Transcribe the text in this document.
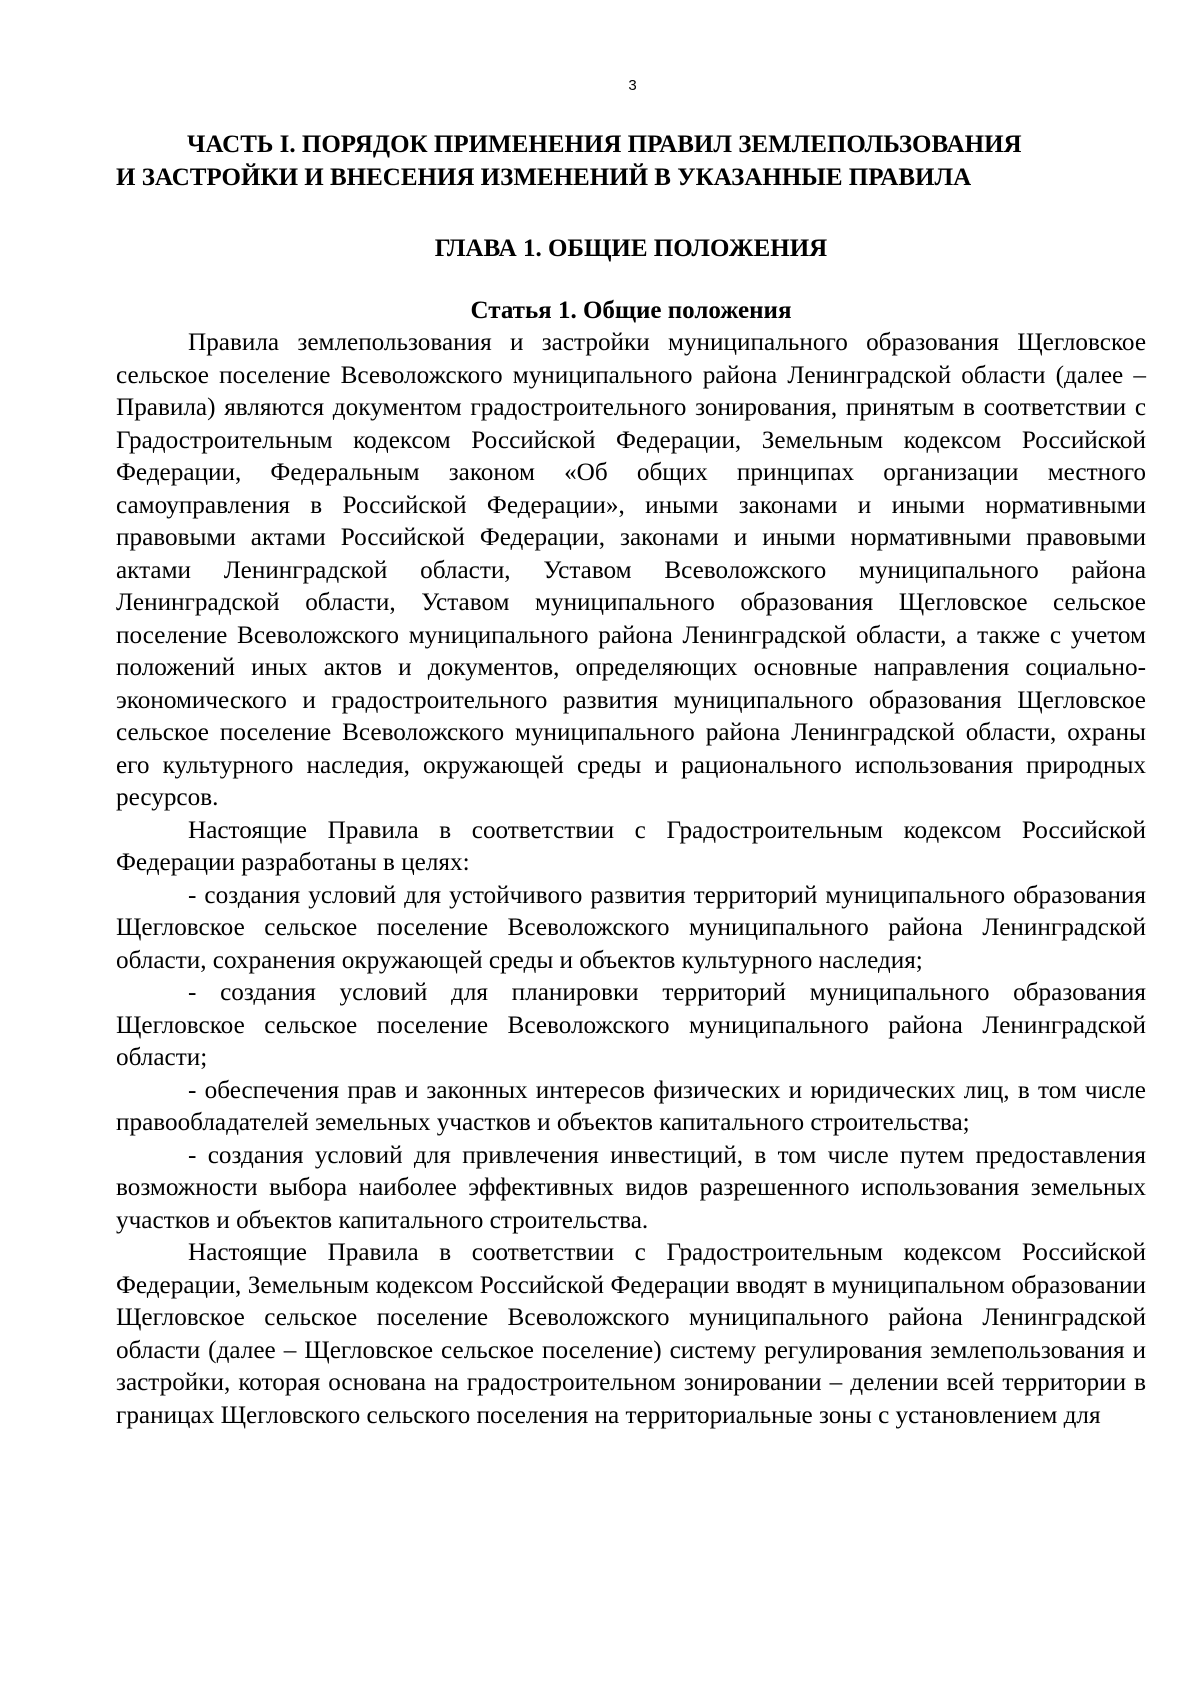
3
ЧАСТЬ I. ПОРЯДОК ПРИМЕНЕНИЯ ПРАВИЛ ЗЕМЛЕПОЛЬЗОВАНИЯ
И ЗАСТРОЙКИ И ВНЕСЕНИЯ ИЗМЕНЕНИЙ В УКАЗАННЫЕ ПРАВИЛА
ГЛАВА 1. ОБЩИЕ ПОЛОЖЕНИЯ
Статья 1. Общие положения

Правила землепользования и застройки муниципального образования Щегловское сельское поселение Всеволожского муниципального района Ленинградской области (далее – Правила) являются документом градостроительного зонирования, принятым в соответствии с Градостроительным кодексом Российской Федерации, Земельным кодексом Российской Федерации, Федеральным законом «Об общих принципах организации местного самоуправления в Российской Федерации», иными законами и иными нормативными правовыми актами Российской Федерации, законами и иными нормативными правовыми актами Ленинградской области, Уставом Всеволожского муниципального района Ленинградской области, Уставом муниципального образования Щегловское сельское поселение Всеволожского муниципального района Ленинградской области, а также с учетом положений иных актов и документов, определяющих основные направления социально-экономического и градостроительного развития муниципального образования Щегловское сельское поселение Всеволожского муниципального района Ленинградской области, охраны его культурного наследия, окружающей среды и рационального использования природных ресурсов.

Настоящие Правила в соответствии с Градостроительным кодексом Российской Федерации разработаны в целях:

- создания условий для устойчивого развития территорий муниципального образования Щегловское сельское поселение Всеволожского муниципального района Ленинградской области, сохранения окружающей среды и объектов культурного наследия;

- создания условий для планировки территорий муниципального образования Щегловское сельское поселение Всеволожского муниципального района Ленинградской области;

- обеспечения прав и законных интересов физических и юридических лиц, в том числе правообладателей земельных участков и объектов капитального строительства;

- создания условий для привлечения инвестиций, в том числе путем предоставления возможности выбора наиболее эффективных видов разрешенного использования земельных участков и объектов капитального строительства.

Настоящие Правила в соответствии с Градостроительным кодексом Российской Федерации, Земельным кодексом Российской Федерации вводят в муниципальном образовании Щегловское сельское поселение Всеволожского муниципального района Ленинградской области (далее – Щегловское сельское поселение) систему регулирования землепользования и застройки, которая основана на градостроительном зонировании – делении всей территории в границах Щегловского сельского поселения на территориальные зоны с установлением для
